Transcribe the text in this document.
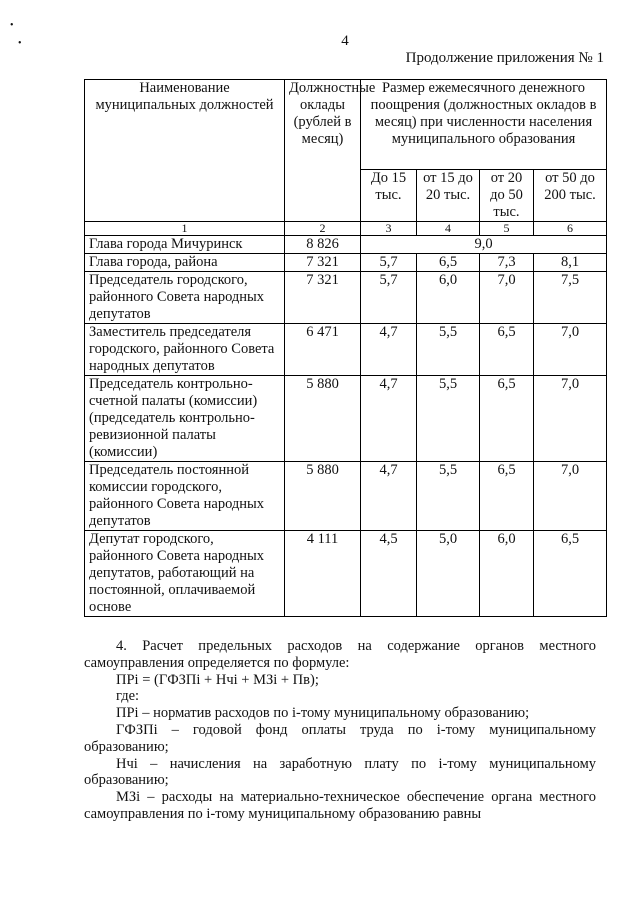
•
•	4
Продолжение приложения № 1
Наименование муниципальных должностей	Должностные оклады (рублей в месяц)	Размер ежемесячного денежного поощрения (должностных окладов в месяц) при численности населения муниципального образования			
		До 15 тыс.	от 15 до 20 тыс.	от 20 до 50 тыс.	от 50 до 200 тыс.
1	2	3	4	5	6
Глава города Мичуринск	8 826	9,0			
Глава города, района	7 321	5,7	6,5	7,3	8,1
Председатель городского, районного Совета народных депутатов	7 321	5,7	6,0	7,0	7,5
Заместитель председателя городского, районного Совета народных депутатов	6 471	4,7	5,5	6,5	7,0
Председатель контрольно-счетной палаты (комиссии) (председатель контрольно-ревизионной палаты (комиссии)	5 880	4,7	5,5	6,5	7,0
Председатель постоянной комиссии городского, районного Совета народных депутатов	5 880	4,7	5,5	6,5	7,0
Депутат городского, районного Совета народных депутатов, работающий на постоянной, оплачиваемой основе	4 111	4,5	5,0	6,0	6,5

4. Расчет предельных расходов на содержание органов местного самоуправления определяется по формуле:

ПРi = (ГФЗПi + Нчi + МЗi + Пв);

где:

ПРi – норматив расходов по i-тому муниципальному образованию;

ГФЗПi – годовой фонд оплаты труда по i-тому муниципальному образованию;

Нчi – начисления на заработную плату по i-тому муниципальному образованию;

МЗi – расходы на материально-техническое обеспечение органа местного самоуправления по i-тому муниципальному образованию равны
